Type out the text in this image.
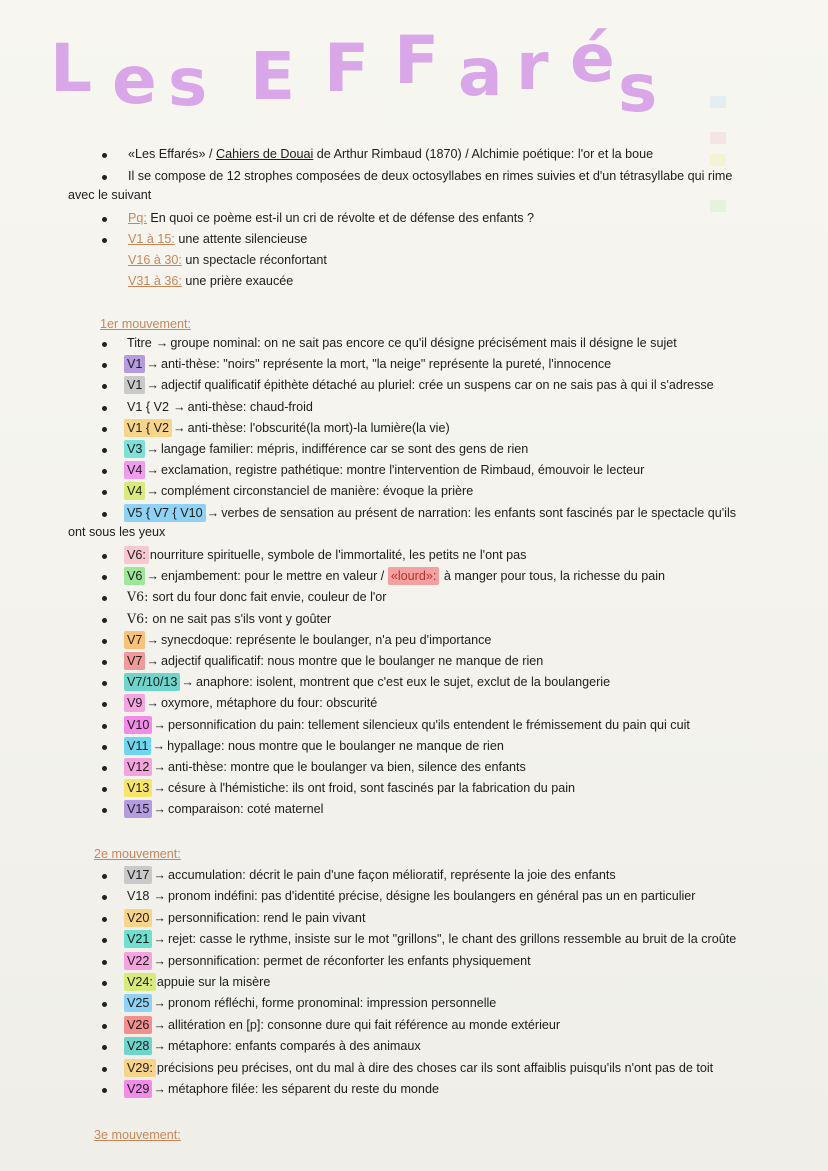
L e s E F F a r é s
«Les Effarés» / Cahiers de Douai de Arthur Rimbaud (1870) / Alchimie poétique: l'or et la boue
Il se compose de 12 strophes composées de deux octosyllabes en rimes suivies et d'un tétrasyllabe qui rime
avec le suivant
Pq: En quoi ce poème est-il un cri de révolte et de défense des enfants ?
V1 à 15: une attente silencieuse
V16 à 30: un spectacle réconfortant
V31 à 36: une prière exaucée
1er mouvement:
Titre → groupe nominal: on ne sait pas encore ce qu'il désigne précisément mais il désigne le sujet
V1 → anti-thèse: "noirs" représente la mort, "la neige" représente la pureté, l'innocence
V1 → adjectif qualificatif épithète détaché au pluriel: crée un suspens car on ne sais pas à qui il s'adresse
V1 { V2 → anti-thèse: chaud-froid
V1 { V2 → anti-thèse: l'obscurité(la mort)-la lumière(la vie)
V3 → langage familier: mépris, indifférence car se sont des gens de rien
V4 → exclamation, registre pathétique: montre l'intervention de Rimbaud, émouvoir le lecteur
V4 → complément circonstanciel de manière: évoque la prière
V5 { V7 { V10 → verbes de sensation au présent de narration: les enfants sont fascinés par le spectacle qu'ils
ont sous les yeux
V6: nourriture spirituelle, symbole de l'immortalité, les petits ne l'ont pas
V6 → enjambement: pour le mettre en valeur / «lourd»: à manger pour tous, la richesse du pain
V6: sort du four donc fait envie, couleur de l'or
V6: on ne sait pas s'ils vont y goûter
V7 → synecdoque: représente le boulanger, n'a peu d'importance
V7 → adjectif qualificatif: nous montre que le boulanger ne manque de rien
V7/10/13 → anaphore: isolent, montrent que c'est eux le sujet, exclut de la boulangerie
V9 → oxymore, métaphore du four: obscurité
V10 → personnification du pain: tellement silencieux qu'ils entendent le frémissement du pain qui cuit
V11 → hypallage: nous montre que le boulanger ne manque de rien
V12 → anti-thèse: montre que le boulanger va bien, silence des enfants
V13 → césure à l'hémistiche: ils ont froid, sont fascinés par la fabrication du pain
V15 → comparaison: coté maternel
2e mouvement:
V17 → accumulation: décrit le pain d'une façon mélioratif, représente la joie des enfants
V18 → pronom indéfini: pas d'identité précise, désigne les boulangers en général pas un en particulier
V20 → personnification: rend le pain vivant
V21 → rejet: casse le rythme, insiste sur le mot "grillons", le chant des grillons ressemble au bruit de la croûte
V22 → personnification: permet de réconforter les enfants physiquement
V24: appuie sur la misère
V25 → pronom réfléchi, forme pronominal: impression personnelle
V26 → allitération en [p]: consonne dure qui fait référence au monde extérieur
V28 → métaphore: enfants comparés à des animaux
V29: précisions peu précises, ont du mal à dire des choses car ils sont affaiblis puisqu'ils n'ont pas de toit
V29 → métaphore filée: les séparent du reste du monde
3e mouvement:
